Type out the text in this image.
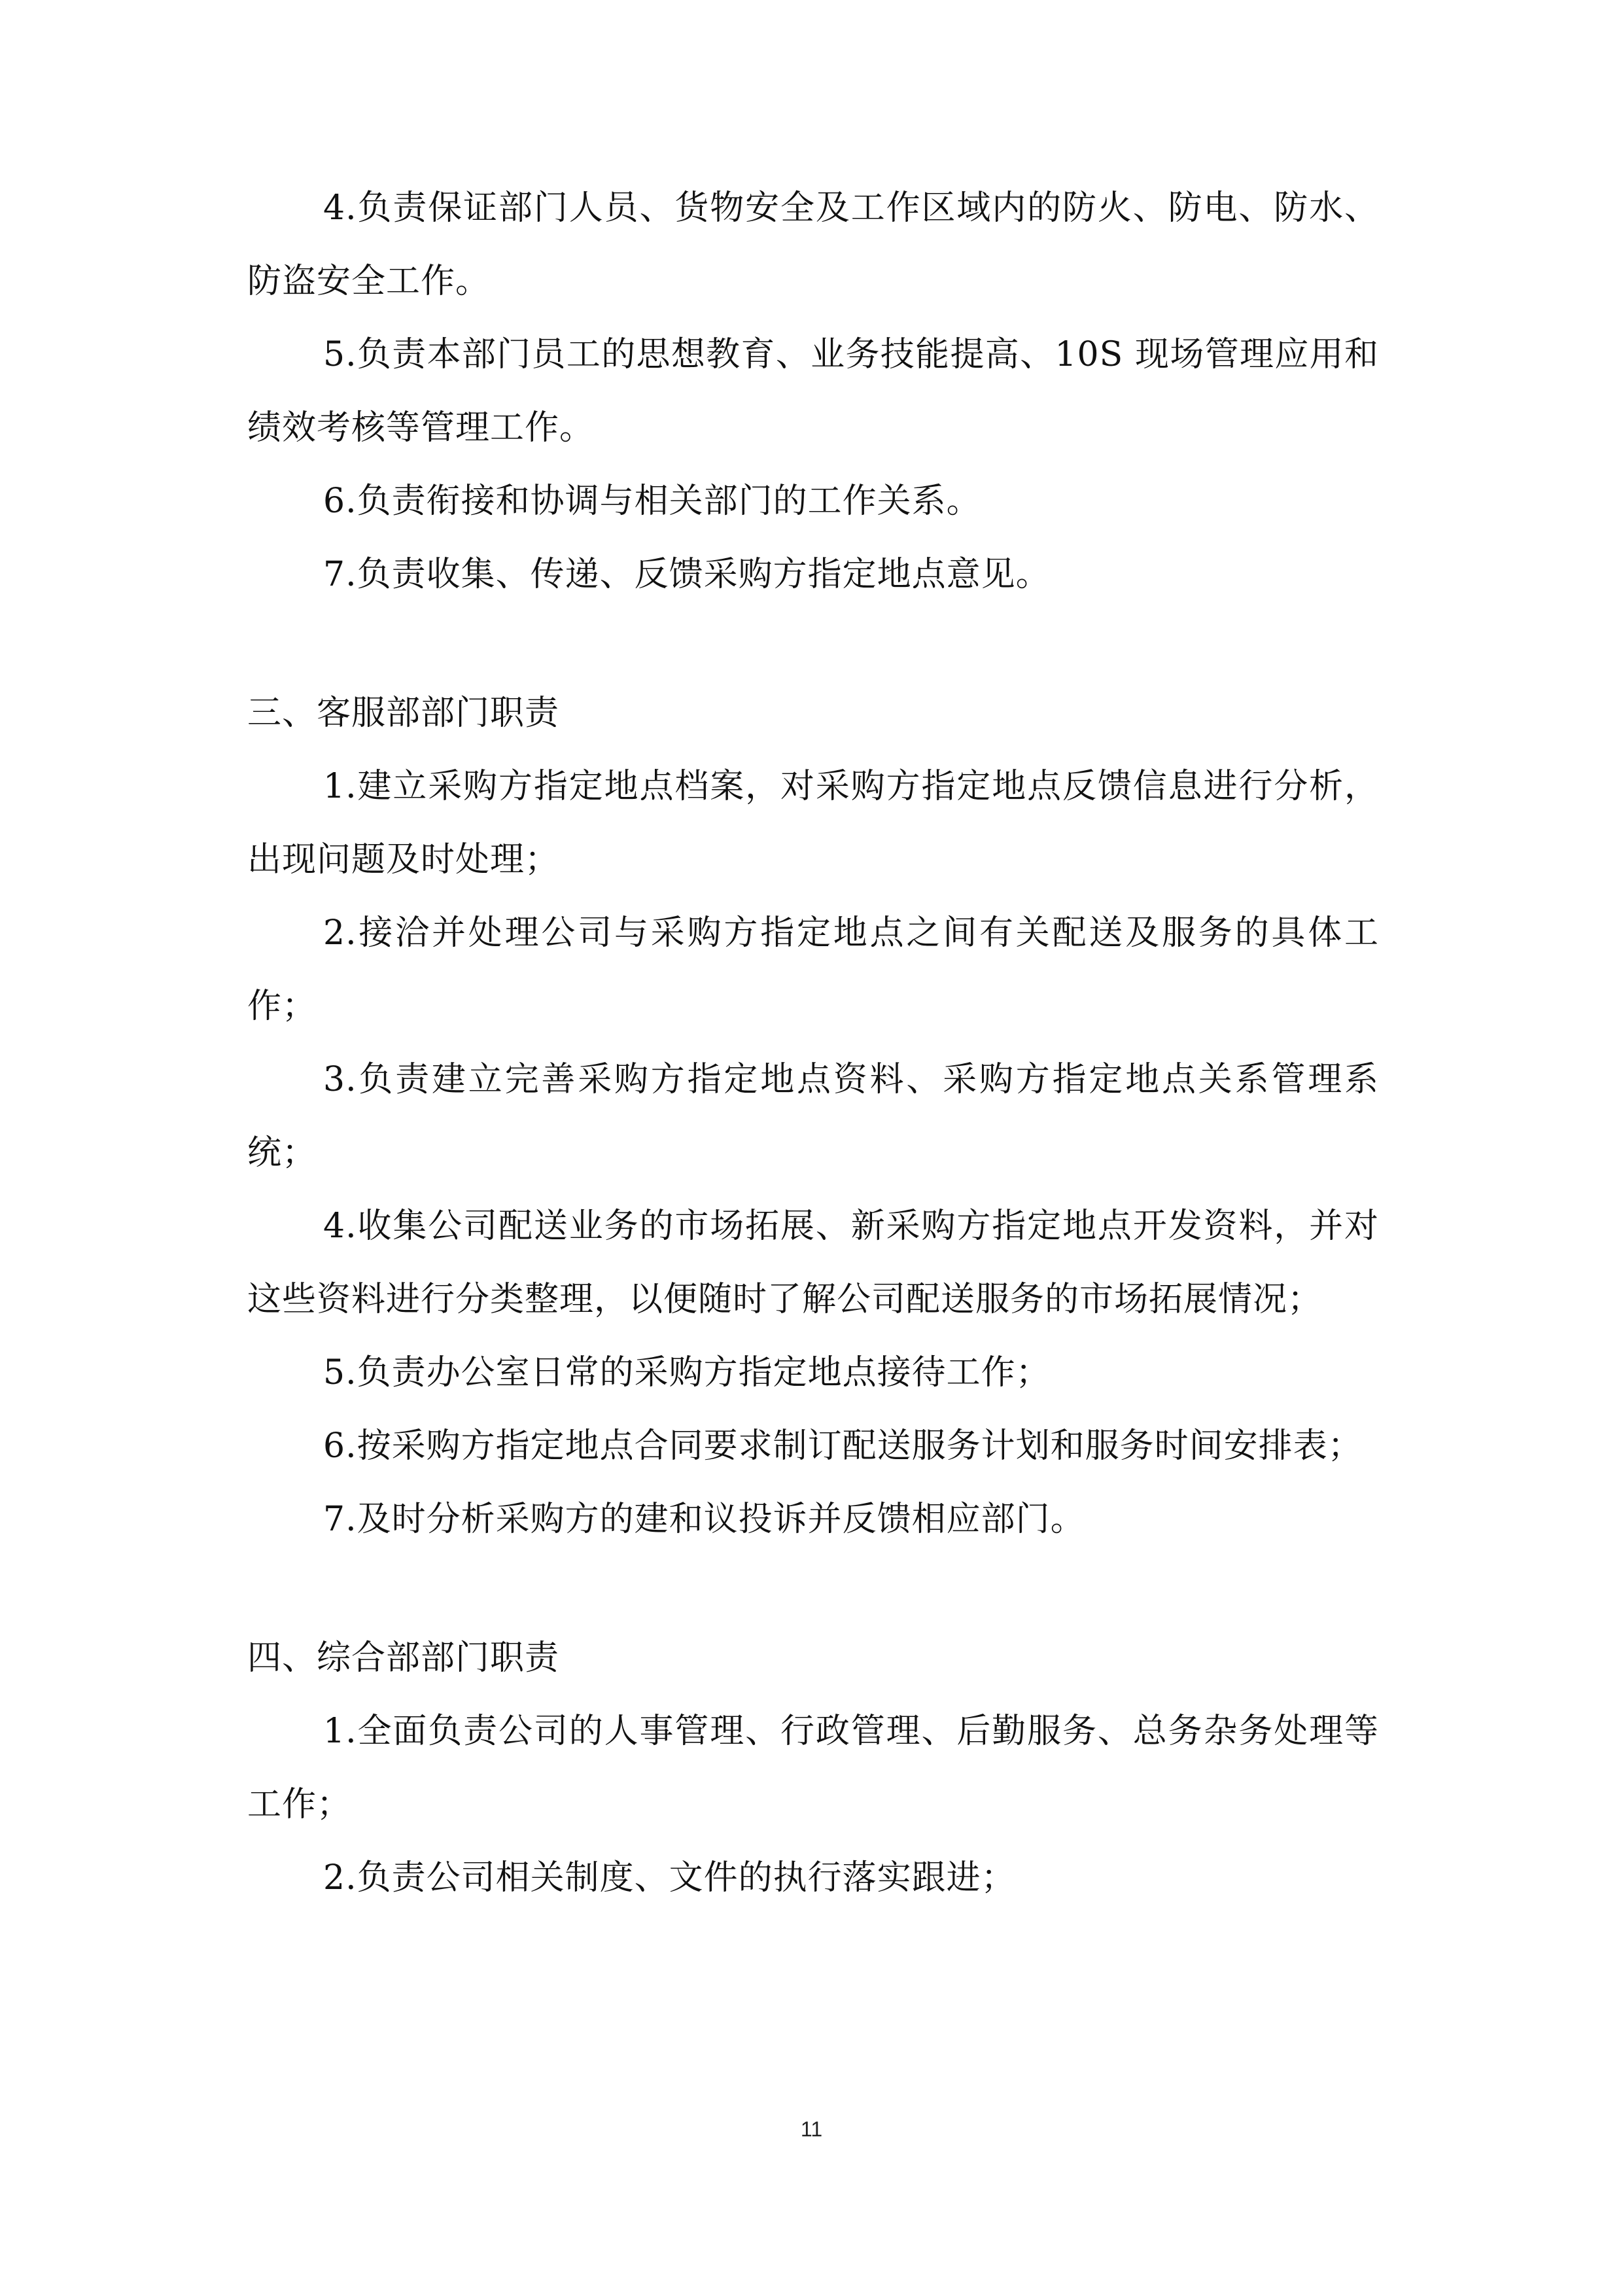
4.负责保证部门人员、货物安全及工作区域内的防火、防电、防水、防盗安全工作。

5.负责本部门员工的思想教育、业务技能提高、10S 现场管理应用和绩效考核等管理工作。

6.负责衔接和协调与相关部门的工作关系。

7.负责收集、传递、反馈采购方指定地点意见。

三、客服部部门职责

1.建立采购方指定地点档案，对采购方指定地点反馈信息进行分析，出现问题及时处理；

2.接洽并处理公司与采购方指定地点之间有关配送及服务的具体工作；

3.负责建立完善采购方指定地点资料、采购方指定地点关系管理系统；

4.收集公司配送业务的市场拓展、新采购方指定地点开发资料，并对这些资料进行分类整理，以便随时了解公司配送服务的市场拓展情况；

5.负责办公室日常的采购方指定地点接待工作；

6.按采购方指定地点合同要求制订配送服务计划和服务时间安排表；

7.及时分析采购方的建和议投诉并反馈相应部门。

四、综合部部门职责

1.全面负责公司的人事管理、行政管理、后勤服务、总务杂务处理等工作；

2.负责公司相关制度、文件的执行落实跟进；

11
